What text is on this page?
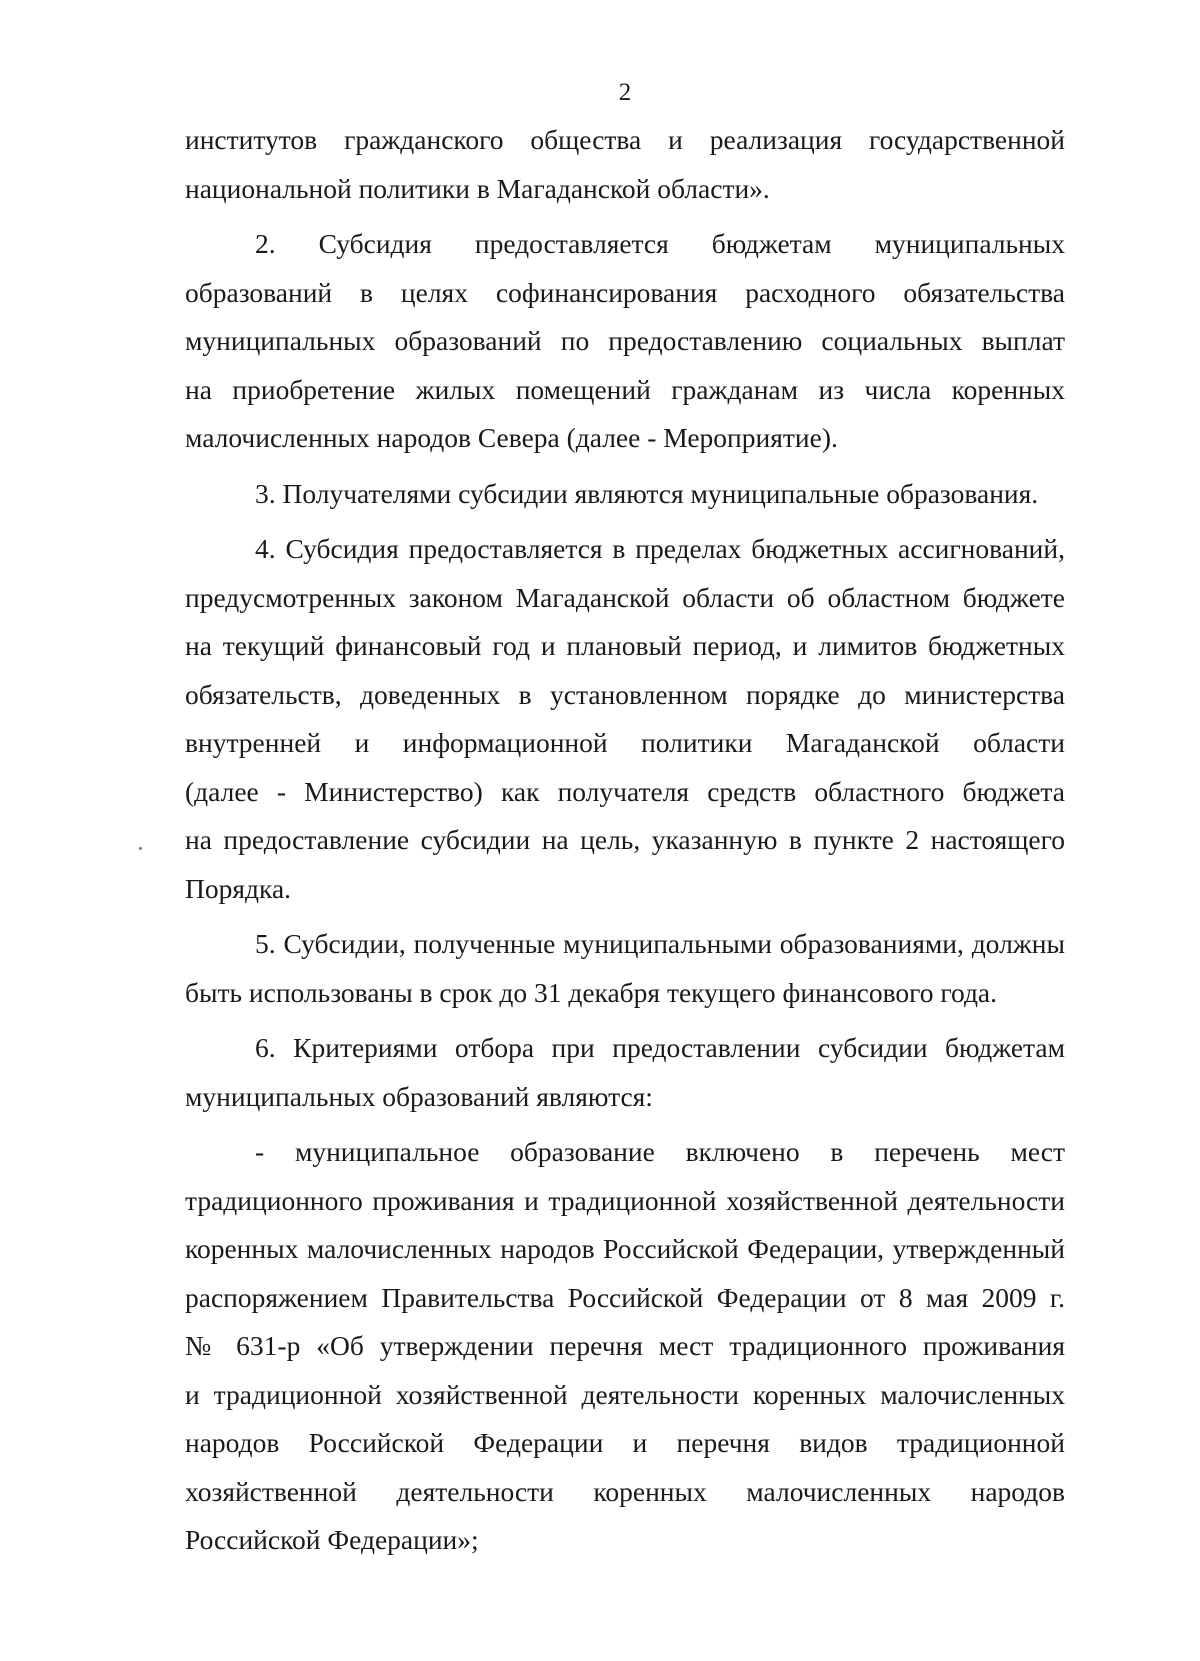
2
институтов гражданского общества и реализация государственной
национальной политики в Магаданской области».
2. Субсидия предоставляется бюджетам муниципальных
образований в целях софинансирования расходного обязательства
муниципальных образований по предоставлению социальных выплат
на приобретение жилых помещений гражданам из числа коренных
малочисленных народов Севера (далее - Мероприятие).
3. Получателями субсидии являются муниципальные образования.
4. Субсидия предоставляется в пределах бюджетных ассигнований,
предусмотренных законом Магаданской области об областном бюджете
на текущий финансовый год и плановый период, и лимитов бюджетных
обязательств, доведенных в установленном порядке до министерства
внутренней и информационной политики Магаданской области
(далее - Министерство) как получателя средств областного бюджета
на предоставление субсидии на цель, указанную в пункте 2 настоящего
Порядка.
5. Субсидии, полученные муниципальными образованиями, должны
быть использованы в срок до 31 декабря текущего финансового года.
6. Критериями отбора при предоставлении субсидии бюджетам
муниципальных образований являются:
- муниципальное образование включено в перечень мест
традиционного проживания и традиционной хозяйственной деятельности
коренных малочисленных народов Российской Федерации, утвержденный
распоряжением Правительства Российской Федерации от 8 мая 2009 г.
№ 631-р «Об утверждении перечня мест традиционного проживания
и традиционной хозяйственной деятельности коренных малочисленных
народов Российской Федерации и перечня видов традиционной
хозяйственной деятельности коренных малочисленных народов
Российской Федерации»;
